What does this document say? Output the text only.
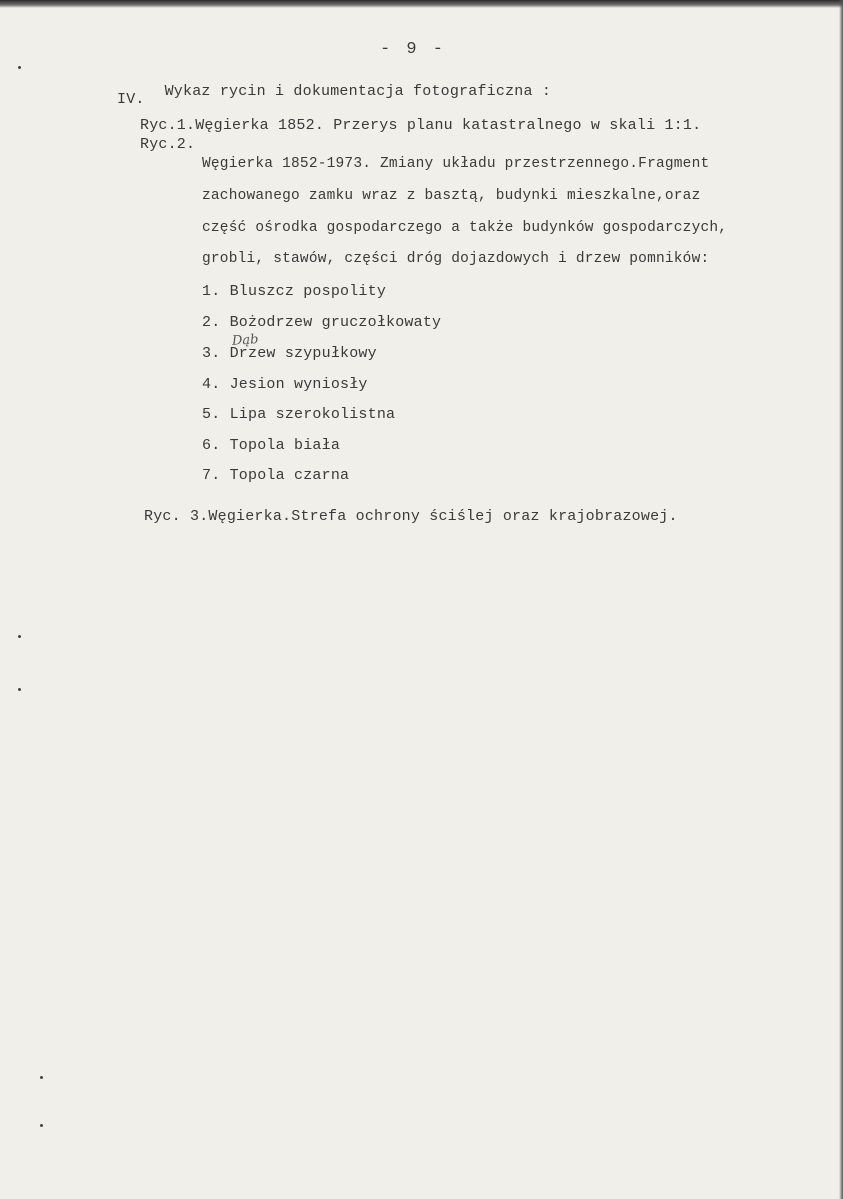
- 9 -
IV. Wykaz rycin i dokumentacja fotograficzna :
Ryc.1.Węgierka 1852. Przerys planu katastralnego w skali 1:1.
Ryc.2.
Węgierka 1852-1973. Zmiany układu przestrzennego.Fragment
zachowanego zamku wraz z basztą, budynki mieszkalne,oraz
część ośrodka gospodarczego a także budynków gospodarczych,
grobli, stawów, części dróg dojazdowych i drzew pomników:
1. Bluszcz pospolity
2. Bożodrzew gruczołkowaty
Dąb
3. Drzew szypułkowy
4. Jesion wyniosły
5. Lipa szerokolistna
6. Topola biała
7. Topola czarna
Ryc. 3.Węgierka.Strefa ochrony ściślej oraz krajobrazowej.
